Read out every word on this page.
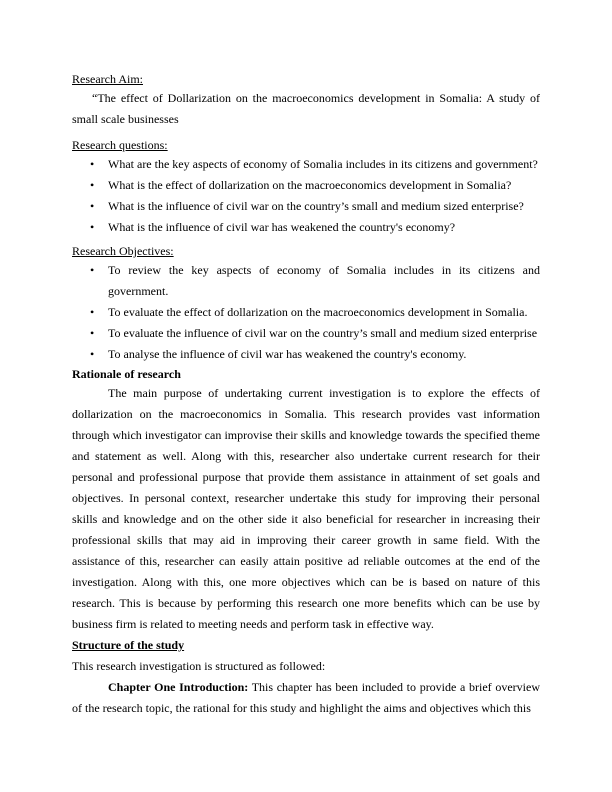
Research Aim:

“The effect of Dollarization on the macroeconomics development in Somalia: A study of small scale businesses

Research questions:

• What are the key aspects of economy of Somalia includes in its citizens and government?
• What is the effect of dollarization on the macroeconomics development in Somalia?
• What is the influence of civil war on the country’s small and medium sized enterprise?
• What is the influence of civil war has weakened the country's economy?

Research Objectives:

• To review the key aspects of economy of Somalia includes in its citizens and government.
• To evaluate the effect of dollarization on the macroeconomics development in Somalia.
• To evaluate the influence of civil war on the country’s small and medium sized enterprise
• To analyse the influence of civil war has weakened the country's economy.

Rationale of research

The main purpose of undertaking current investigation is to explore the effects of dollarization on the macroeconomics in Somalia. This research provides vast information through which investigator can improvise their skills and knowledge towards the specified theme and statement as well. Along with this, researcher also undertake current research for their personal and professional purpose that provide them assistance in attainment of set goals and objectives. In personal context, researcher undertake this study for improving their personal skills and knowledge and on the other side it also beneficial for researcher in increasing their professional skills that may aid in improving their career growth in same field. With the assistance of this, researcher can easily attain positive ad reliable outcomes at the end of the investigation. Along with this, one more objectives which can be is based on nature of this research. This is because by performing this research one more benefits which can be use by business firm is related to meeting needs and perform task in effective way.

Structure of the study

This research investigation is structured as followed:

Chapter One Introduction: This chapter has been included to provide a brief overview of the research topic, the rational for this study and highlight the aims and objectives which this
